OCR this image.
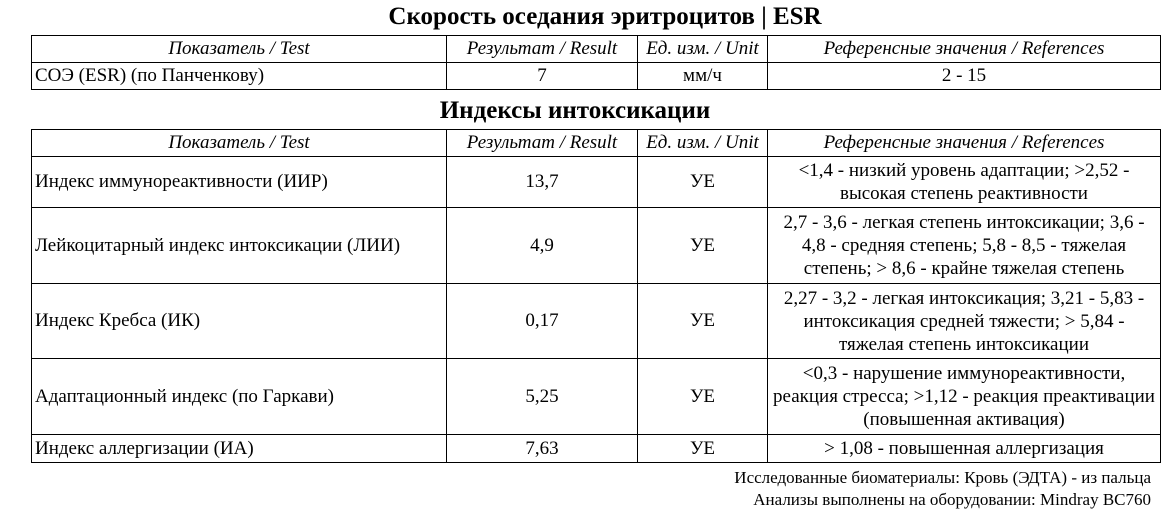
Скорость оседания эритроцитов | ESR
Показатель / Test	Результат / Result	Ед. изм. / Unit	Референсные значения / References
СОЭ (ESR) (по Панченкову)	7	мм/ч	2 - 15
Индексы интоксикации
Показатель / Test	Результат / Result	Ед. изм. / Unit	Референсные значения / References
Индекс иммунореактивности (ИИР)	13,7	УЕ	<1,4 - низкий уровень адаптации; >2,52 - высокая степень реактивности
Лейкоцитарный индекс интоксикации (ЛИИ)	4,9	УЕ	2,7 - 3,6 - легкая степень интоксикации; 3,6 - 4,8 - средняя степень; 5,8 - 8,5 - тяжелая степень; > 8,6 - крайне тяжелая степень
Индекс Кребса (ИК)	0,17	УЕ	2,27 - 3,2 - легкая интоксикация; 3,21 - 5,83 - интоксикация средней тяжести; > 5,84 - тяжелая степень интоксикации
Адаптационный индекс (по Гаркави)	5,25	УЕ	<0,3 - нарушение иммунореактивности, реакция стресса; >1,12 - реакция преактивации (повышенная активация)
Индекс аллергизации (ИА)	7,63	УЕ	> 1,08 - повышенная аллергизация
Исследованные биоматериалы: Кровь (ЭДТА) - из пальца
Анализы выполнены на оборудовании: Mindray BC760
